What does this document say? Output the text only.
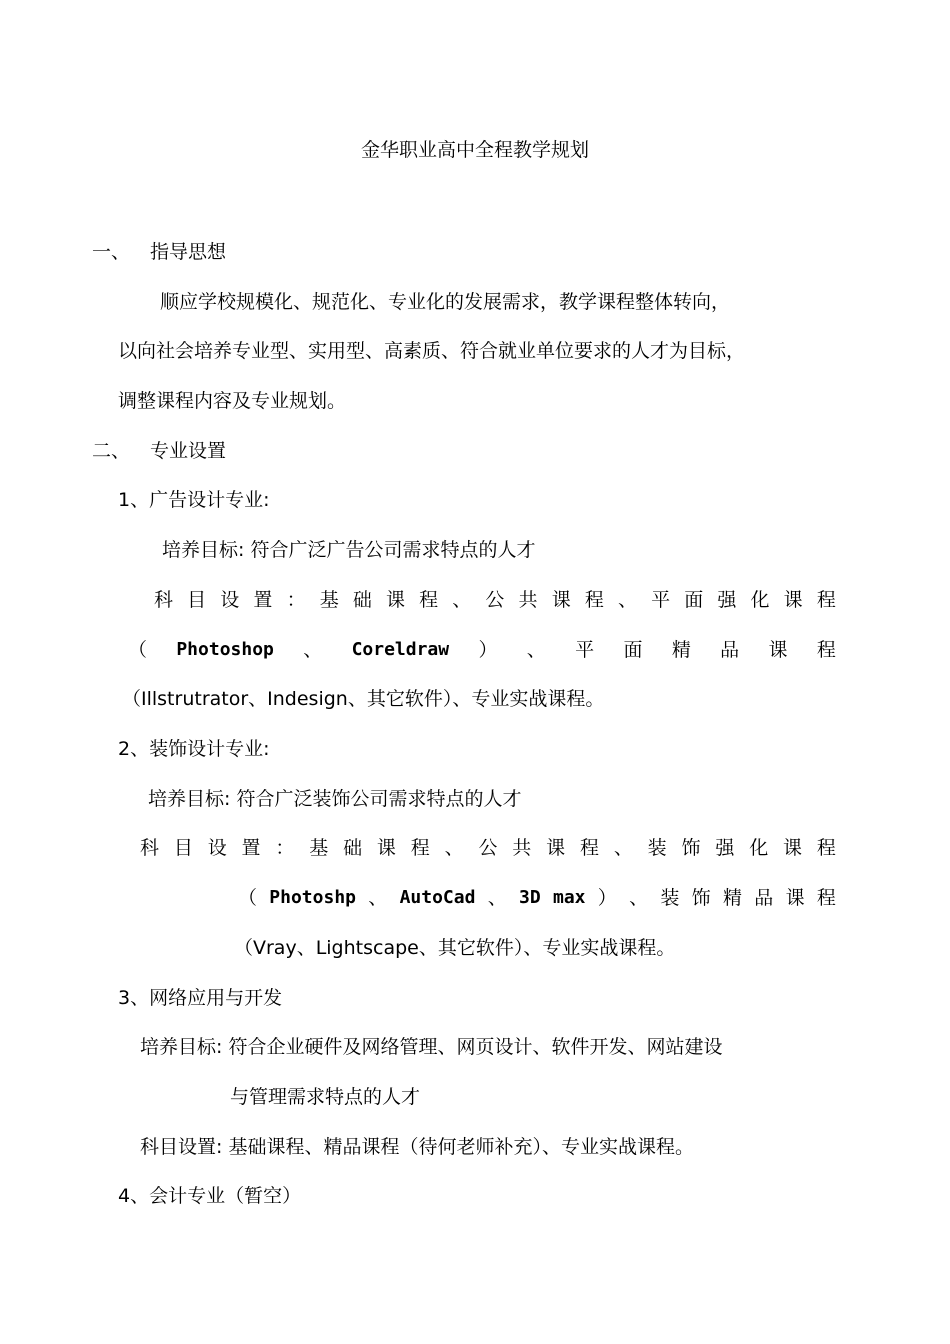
金华职业高中全程教学规划
一、 指导思想
顺应学校规模化、规范化、专业化的发展需求，教学课程整体转向，
以向社会培养专业型、实用型、高素质、符合就业单位要求的人才为目标，
调整课程内容及专业规划。
二、 专业设置
1、广告设计专业:
培养目标: 符合广泛广告公司需求特点的人才
科 目 设 置 ： 基 础 课 程 、 公 共 课 程 、 平 面 强 化 课 程
（ Photoshop 、 Coreldraw ） 、 平 面 精 品 课 程
（Illstrutrator、Indesign、其它软件）、专业实战课程。
2、装饰设计专业:
培养目标: 符合广泛装饰公司需求特点的人才
科 目 设 置 ： 基 础 课 程 、 公 共 课 程 、 装 饰 强 化 课 程
（ Photoshp 、 AutoCad 、 3D max ） 、 装 饰 精 品 课 程
（Vray、Lightscape、其它软件）、专业实战课程。
3、网络应用与开发
培养目标: 符合企业硬件及网络管理、网页设计、软件开发、网站建设
与管理需求特点的人才
科目设置: 基础课程、精品课程（待何老师补充）、专业实战课程。
4、会计专业（暂空）
